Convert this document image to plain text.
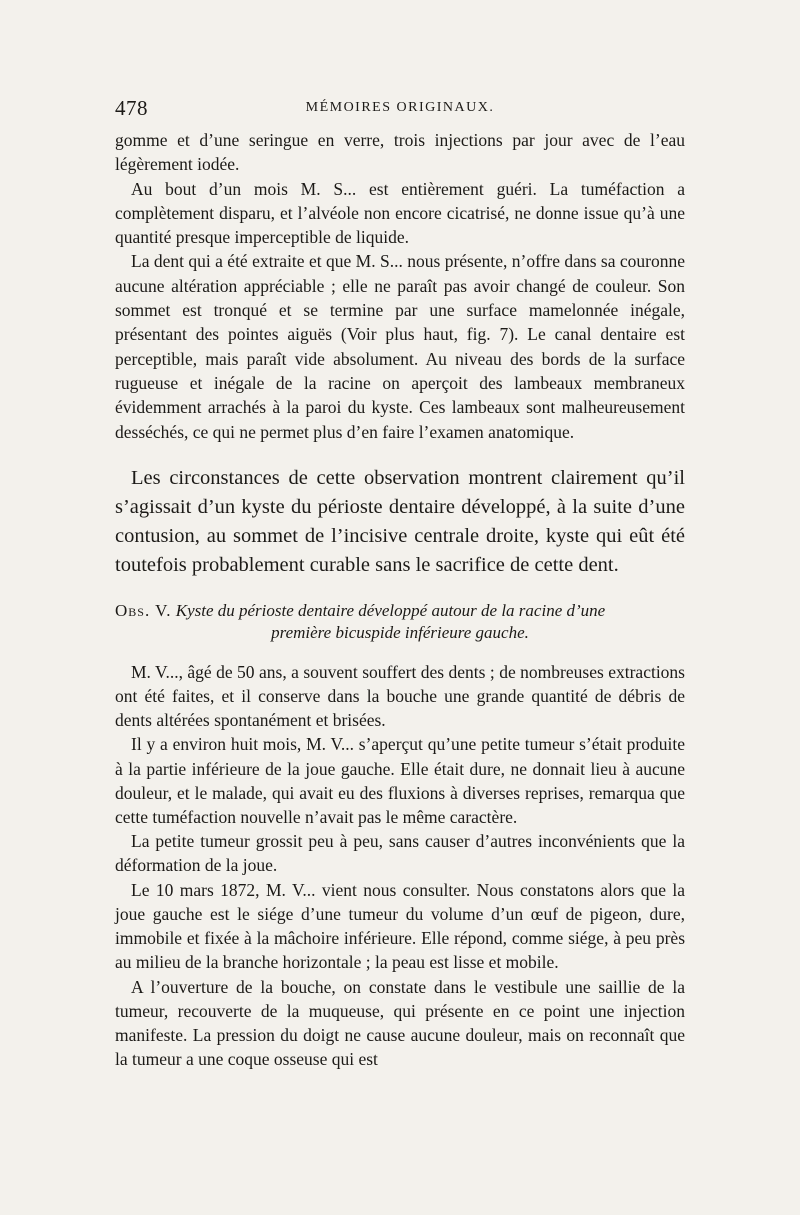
478	MÉMOIRES ORIGINAUX.

gomme et d’une seringue en verre, trois injections par jour avec de l’eau légèrement iodée.

Au bout d’un mois M. S... est entièrement guéri. La tuméfaction a complètement disparu, et l’alvéole non encore cicatrisé, ne donne issue qu’à une quantité presque imperceptible de liquide.

La dent qui a été extraite et que M. S... nous présente, n’offre dans sa couronne aucune altération appréciable ; elle ne paraît pas avoir changé de couleur. Son sommet est tronqué et se termine par une surface mamelonnée inégale, présentant des pointes aiguës (Voir plus haut, fig. 7). Le canal dentaire est perceptible, mais paraît vide absolument. Au niveau des bords de la surface rugueuse et inégale de la racine on aperçoit des lambeaux membraneux évidemment arrachés à la paroi du kyste. Ces lambeaux sont malheureusement desséchés, ce qui ne permet plus d’en faire l’examen anatomique.

Les circonstances de cette observation montrent clairement qu’il s’agissait d’un kyste du périoste dentaire développé, à la suite d’une contusion, au sommet de l’incisive centrale droite, kyste qui eût été toutefois probablement curable sans le sacrifice de cette dent.

Obs. V. Kyste du périoste dentaire développé autour de la racine d’une
première bicuspide inférieure gauche.

M. V..., âgé de 50 ans, a souvent souffert des dents ; de nombreuses extractions ont été faites, et il conserve dans la bouche une grande quantité de débris de dents altérées spontanément et brisées.

Il y a environ huit mois, M. V... s’aperçut qu’une petite tumeur s’était produite à la partie inférieure de la joue gauche. Elle était dure, ne donnait lieu à aucune douleur, et le malade, qui avait eu des fluxions à diverses reprises, remarqua que cette tuméfaction nouvelle n’avait pas le même caractère.

La petite tumeur grossit peu à peu, sans causer d’autres inconvénients que la déformation de la joue.

Le 10 mars 1872, M. V... vient nous consulter. Nous constatons alors que la joue gauche est le siége d’une tumeur du volume d’un œuf de pigeon, dure, immobile et fixée à la mâchoire inférieure. Elle répond, comme siége, à peu près au milieu de la branche horizontale ; la peau est lisse et mobile.

A l’ouverture de la bouche, on constate dans le vestibule une saillie de la tumeur, recouverte de la muqueuse, qui présente en ce point une injection manifeste. La pression du doigt ne cause aucune douleur, mais on reconnaît que la tumeur a une coque osseuse qui est
